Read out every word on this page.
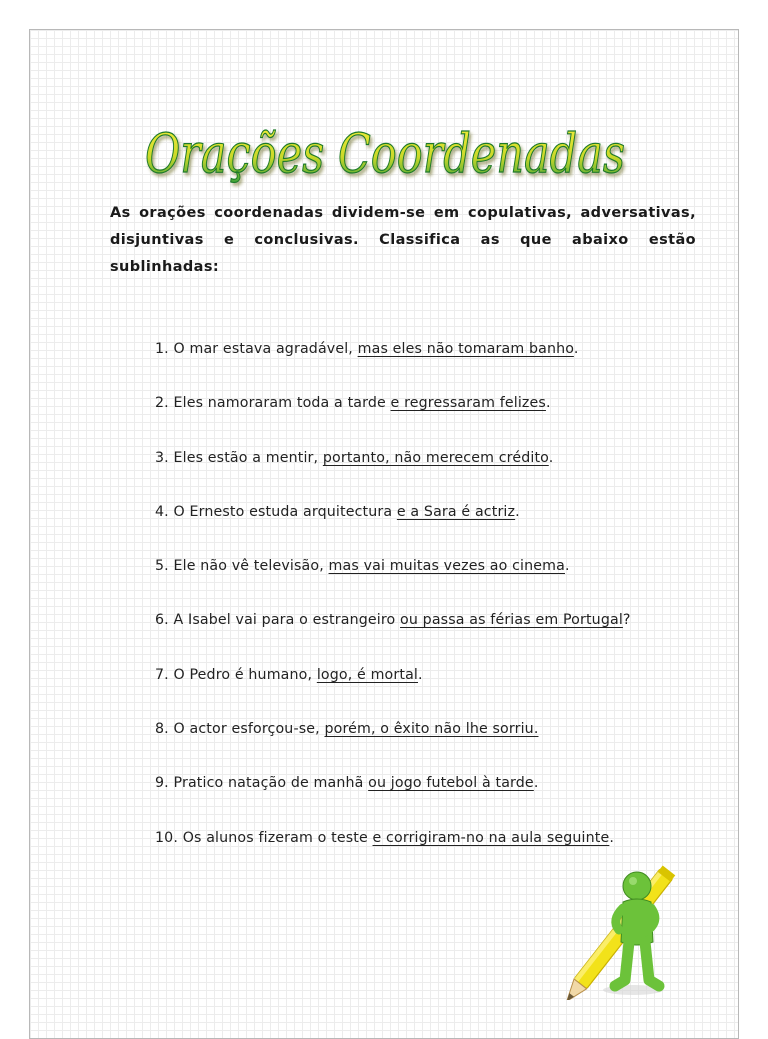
Orações Coordenadas
As orações coordenadas dividem-se em copulativas, adversativas, disjuntivas e conclusivas. Classifica as que abaixo estão sublinhadas:
1. O mar estava agradável, mas eles não tomaram banho.
2. Eles namoraram toda a tarde e regressaram felizes.
3. Eles estão a mentir, portanto, não merecem crédito.
4. O Ernesto estuda arquitectura e a Sara é actriz.
5. Ele não vê televisão, mas vai muitas vezes ao cinema.
6. A Isabel vai para o estrangeiro ou passa as férias em Portugal?
7. O Pedro é humano, logo, é mortal.
8. O actor esforçou-se, porém, o êxito não lhe sorriu.
9. Pratico natação de manhã ou jogo futebol à tarde.
10. Os alunos fizeram o teste e corrigiram-no na aula seguinte.
